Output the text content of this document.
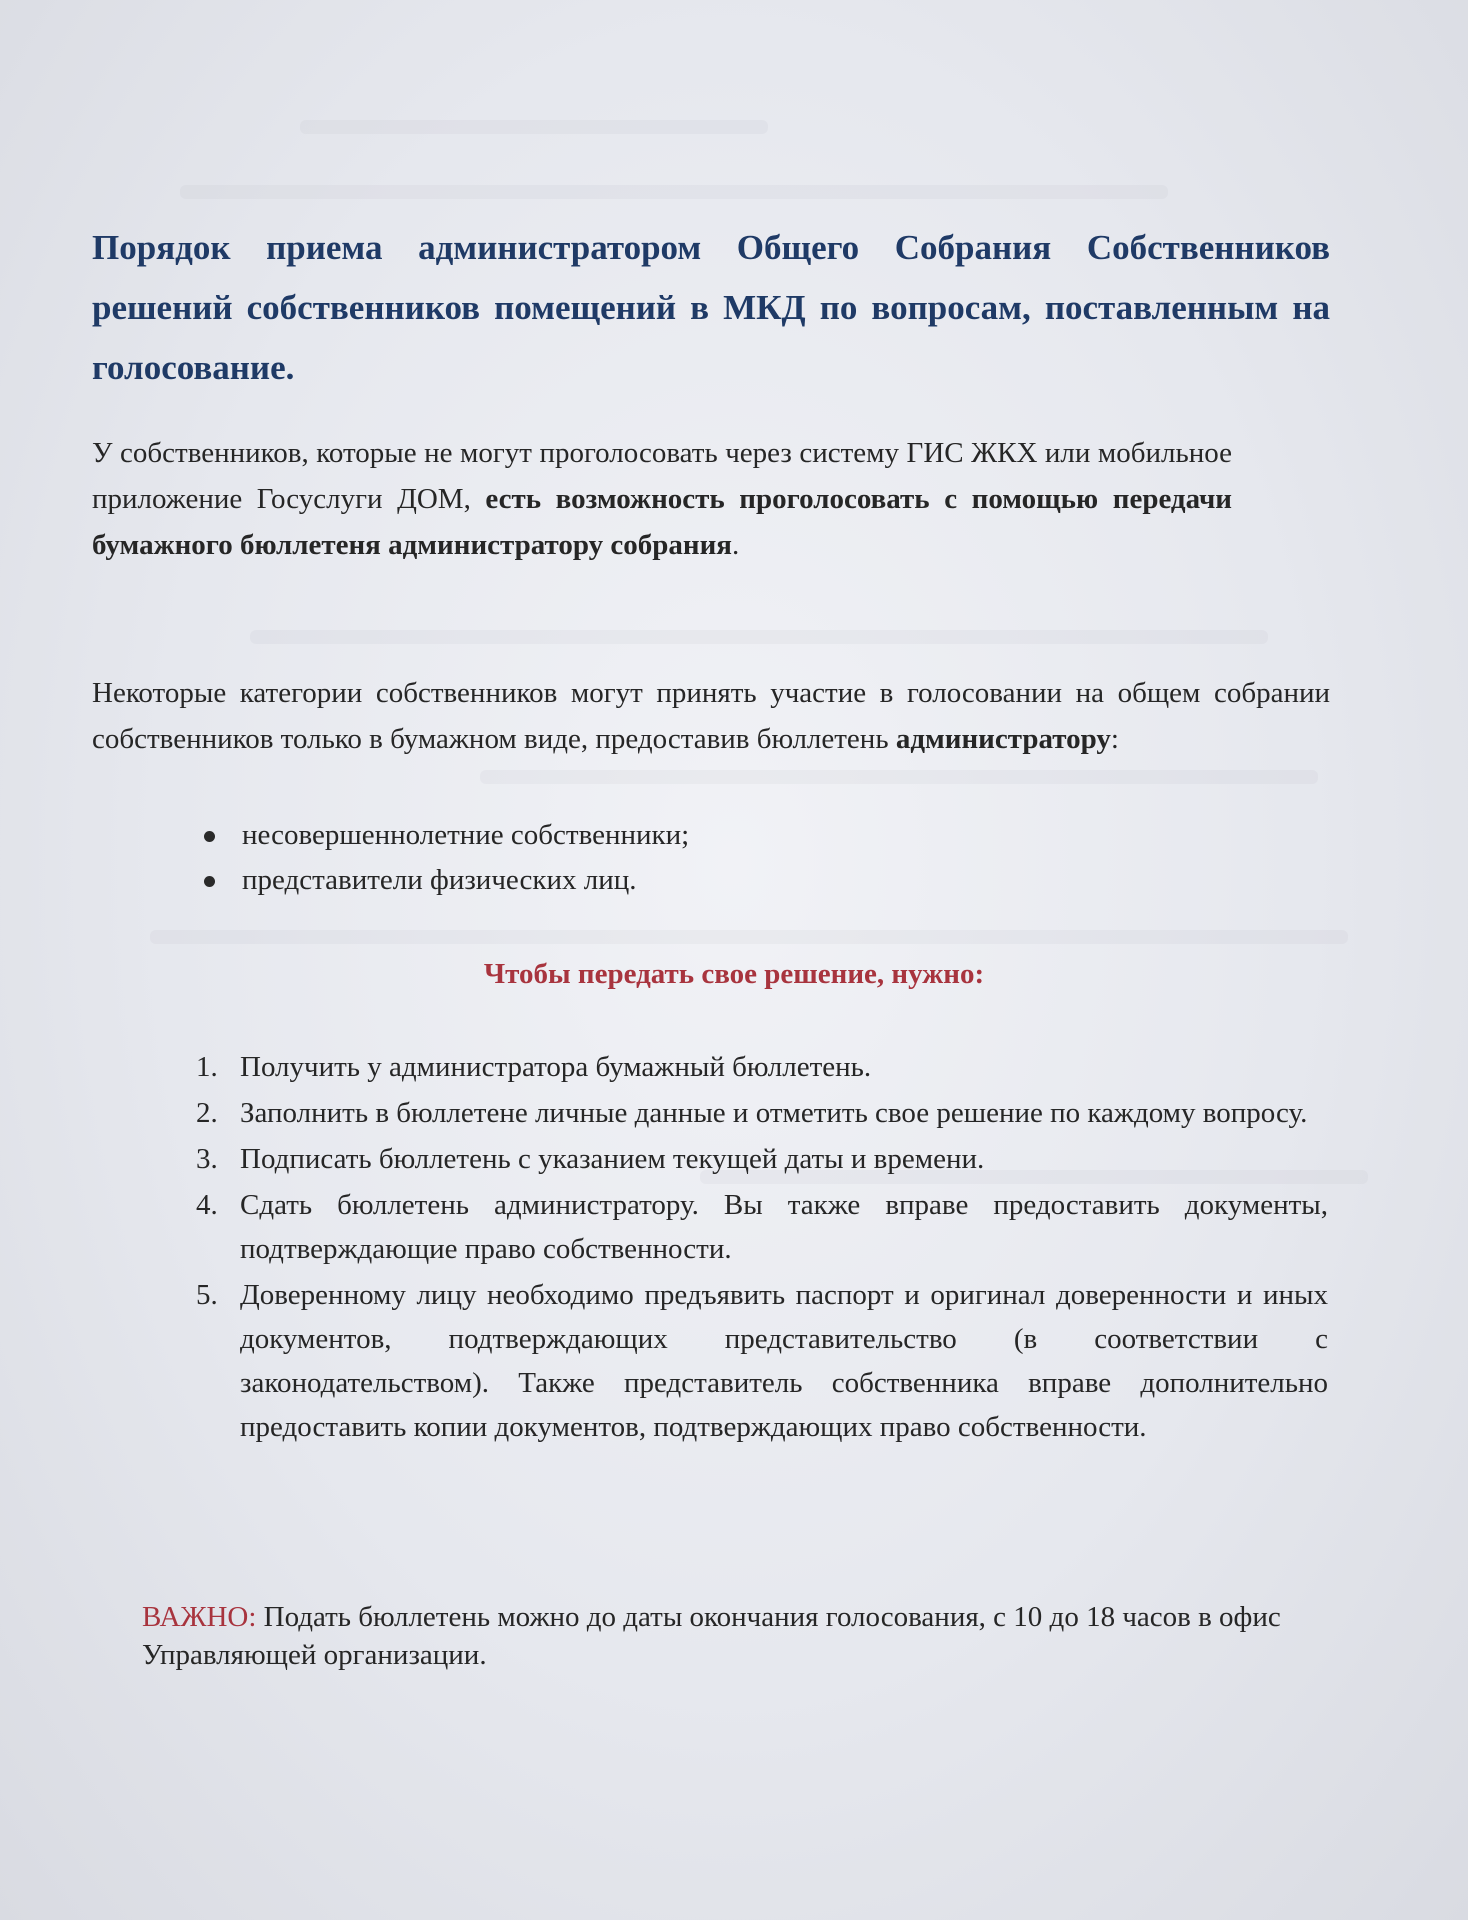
Порядок приема администратором Общего Собрания Собственников решений собственников помещений в МКД по вопросам, поставленным на голосование.

У собственников, которые не могут проголосовать через систему ГИС ЖКХ или мобильное приложение Госуслуги ДОМ, есть возможность проголосовать с помощью передачи бумажного бюллетеня администратору собрания.

Некоторые категории собственников могут принять участие в голосовании на общем собрании собственников только в бумажном виде, предоставив бюллетень администратору:

несовершеннолетние собственники;
представители физических лиц.
Чтобы передать свое решение, нужно:
1. Получить у администратора бумажный бюллетень.
2. Заполнить в бюллетене личные данные и отметить свое решение по каждому вопросу.
3. Подписать бюллетень с указанием текущей даты и времени.
4. Сдать бюллетень администратору. Вы также вправе предоставить документы, подтверждающие право собственности.
5. Доверенному лицу необходимо предъявить паспорт и оригинал доверенности и иных документов, подтверждающих представительство (в соответствии с законодательством). Также представитель собственника вправе дополнительно предоставить копии документов, подтверждающих право собственности.

ВАЖНО: Подать бюллетень можно до даты окончания голосования, с 10 до 18 часов в офис Управляющей организации.
